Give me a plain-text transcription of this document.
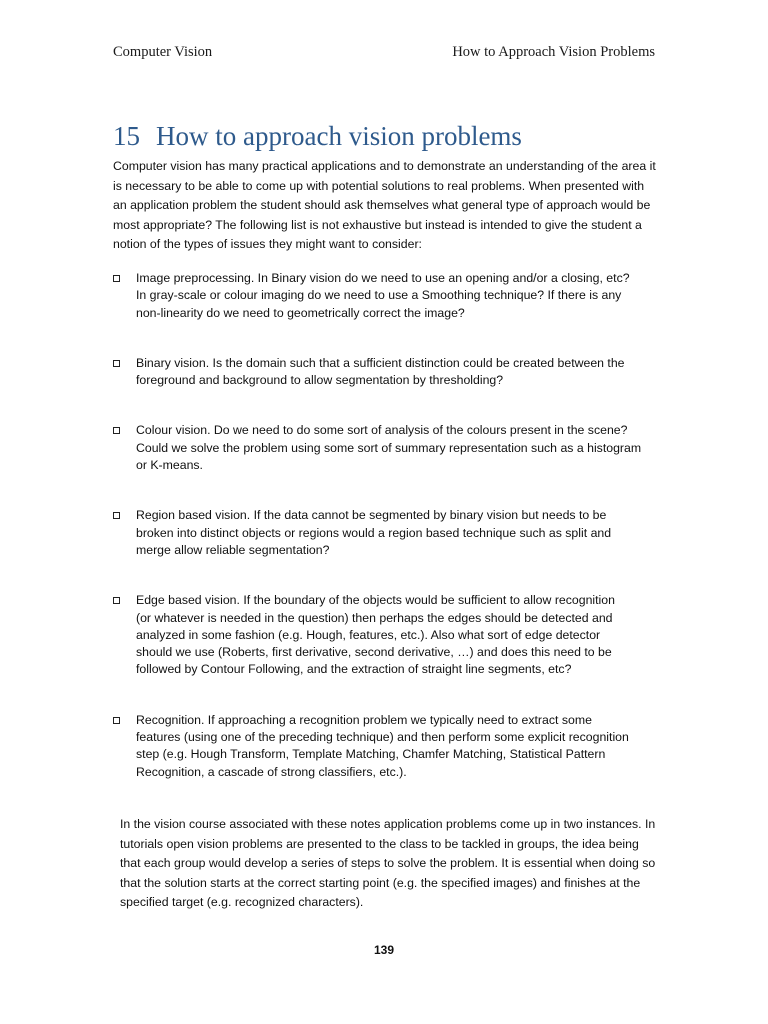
Computer Vision	How to Approach Vision Problems
15 How to approach vision problems

Computer vision has many practical applications and to demonstrate an understanding of the area it is necessary to be able to come up with potential solutions to real problems. When presented with an application problem the student should ask themselves what general type of approach would be most appropriate? The following list is not exhaustive but instead is intended to give the student a notion of the types of issues they might want to consider:

Image preprocessing. In Binary vision do we need to use an opening and/or a closing, etc?
In gray-scale or colour imaging do we need to use a Smoothing technique? If there is any
non-linearity do we need to geometrically correct the image?
Binary vision. Is the domain such that a sufficient distinction could be created between the
foreground and background to allow segmentation by thresholding?
Colour vision. Do we need to do some sort of analysis of the colours present in the scene?
Could we solve the problem using some sort of summary representation such as a histogram
or K-means.
Region based vision. If the data cannot be segmented by binary vision but needs to be
broken into distinct objects or regions would a region based technique such as split and
merge allow reliable segmentation?
Edge based vision. If the boundary of the objects would be sufficient to allow recognition
(or whatever is needed in the question) then perhaps the edges should be detected and
analyzed in some fashion (e.g. Hough, features, etc.). Also what sort of edge detector
should we use (Roberts, first derivative, second derivative, …) and does this need to be
followed by Contour Following, and the extraction of straight line segments, etc?
Recognition. If approaching a recognition problem we typically need to extract some
features (using one of the preceding technique) and then perform some explicit recognition
step (e.g. Hough Transform, Template Matching, Chamfer Matching, Statistical Pattern
Recognition, a cascade of strong classifiers, etc.).

In the vision course associated with these notes application problems come up in two instances. In tutorials open vision problems are presented to the class to be tackled in groups, the idea being that each group would develop a series of steps to solve the problem. It is essential when doing so that the solution starts at the correct starting point (e.g. the specified images) and finishes at the specified target (e.g. recognized characters).

139
